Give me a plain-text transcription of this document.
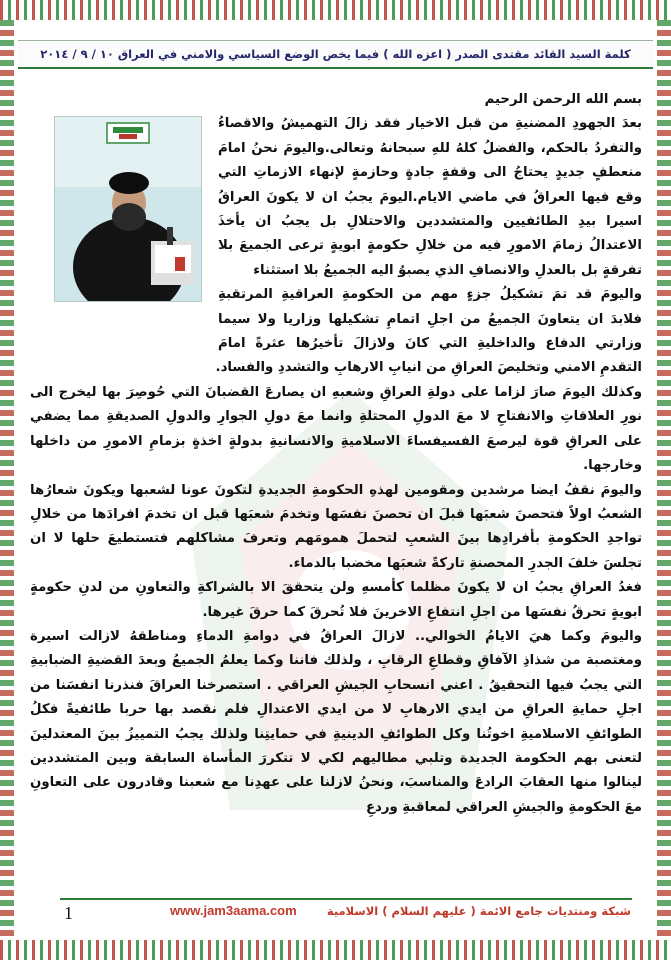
كلمة السيد القائد مقتدى الصدر ( اعزه الله ) فيما يخص الوضع السياسي والامني في العراق ١٠ / ٩ / ٢٠١٤

بسم الله الرحمن الرحيم

بعدَ الجهودِ المضنيةِ من قبل الاخيار فقد زالَ التهميشُ والاقصاءُ والتفردُ بالحكم، والفضلُ كلهُ للهِ سبحانهُ وتعالى.واليومَ نحنُ امامَ منعطفٍ جديدٍ يحتاجُ الى وقفةٍ جادةٍ وحازمةٍ لإنهاء الازماتِ التي وقع فيها العراقُ في ماضي الايام.اليومَ يجبُ ان لا يكونَ العراقُ اسيرا بيدِ الطائفيين والمتشددين والاحتلالِ بل يجبُ ان يأخذَ الاعتدالُ زمامَ الامورِ فيه من خلالِ حكومةٍ ابويةٍ ترعى الجميعَ بلا تفرقةٍ بل بالعدلِ والانصافِ الذي يصبوُ اليه الجميعُ بلا استثناء

واليومَ قد تمَ تشكيلُ جزءٍ مهم من الحكومةِ العراقيةِ المرتقبةِ فلابدَ ان يتعاونَ الجميعُ من اجلِ اتمامِ تشكيلها وزاريا ولا سيما وزارتي الدفاع والداخليةِ التي كانَ ولازالَ تأخيرُها عثرةً امامَ التقدمِ الامني وتخليصَ العراقِ من انيابِ الارهابِ والتشددِ والفساد.

وكذلك اليومَ صارَ لزاما على دولةِ العراقِ وشعبهِ ان يصارعَ القضبانَ التي حُوصِرَ بها ليخرج الى نورِ العلاقاتِ والانفتاحِ لا معَ الدولِ المحتلةِ وانما معَ دولِ الجوارِ والدولِ الصديقةِ مما يضفي على العراقِ قوة ليرصعَ الفسيفساءَ الاسلاميةِ والانسانيةِ بدولةٍ اخذةٍ بزمامِ الامورِ من داخلها وخارجها.

واليومَ نقفُ ايضا مرشدين ومقومين لهذهِ الحكومةِ الجديدةِ لتكونَ عونا لشعبها ويكونَ شعارُها الشعبُ اولاً فتحصنَ شعبَها قبلَ ان تحصنَ نفسَها وتخدمَ شعبَها قبل ان تخدمَ افرادَها من خلالِ تواجدِ الحكومةِ بأفرادِها بينَ الشعبِ لتحملَ همومَهم وتعرفَ مشاكلهم فتستطيعَ حلها لا ان تجلسَ خلفَ الجدرِ المحصنةِ تاركةً شعبَها مخضبا بالدماء.

فغدُ العراقِ يجبُ ان لا يكونَ مظلما كأمسهِ ولن يتحققَ الا بالشراكةِ والتعاونِ من لدنِ حكومةٍ ابويةٍ تحرقُ نفسَها من اجلِ انتفاعِ الاخرينَ فلا تُحرقَ كما حرقَ غيرها.

واليومَ وكما هيَ الايامُ الخوالي.. لازالَ العراقُ في دوامةِ الدماءِ ومناطقهُ لازالت اسيرة ومغتصبة من شذاذِ الآفاقِ وقطاعِ الرقابِ ، ولذلك فاننا وكما يعلمُ الجميعُ وبعدَ القضيةِ الضبابيةِ التي يجبُ فيها التحقيقُ . اعني انسحابِ الجيشِ العراقي . استصرخنا العراقَ فنذرنا انفسَنا من اجلِ حمايةِ العراقِ من ايدي الارهابِ لا من ايدي الاعتدالِ فلم نقصد بها حربا طائفيةً فكلُ الطوائفِ الاسلاميةِ اخوتُنا وكل الطوائفِ الدينيةِ في حمايتِنا ولذلك يجبُ التمييزُ بينَ المعتدلينَ لتعنى بهم الحكومة الجديدة وتلبي مطاليهم لكي لا تتكررَ المأساة السابقة وبين المتشددين لينالوا منها العقابَ الرادعَ والمناسبَ، ونحنُ لازلنا على عهدِنا مع شعبنا وقادرون على التعاونِ معَ الحكومةِ والجيشِ العراقي لمعاقبةِ وردعِ

1	www.jam3aama.com	شبكة ومنتديات جامع الائمة ( عليهم السلام ) الاسلامية
